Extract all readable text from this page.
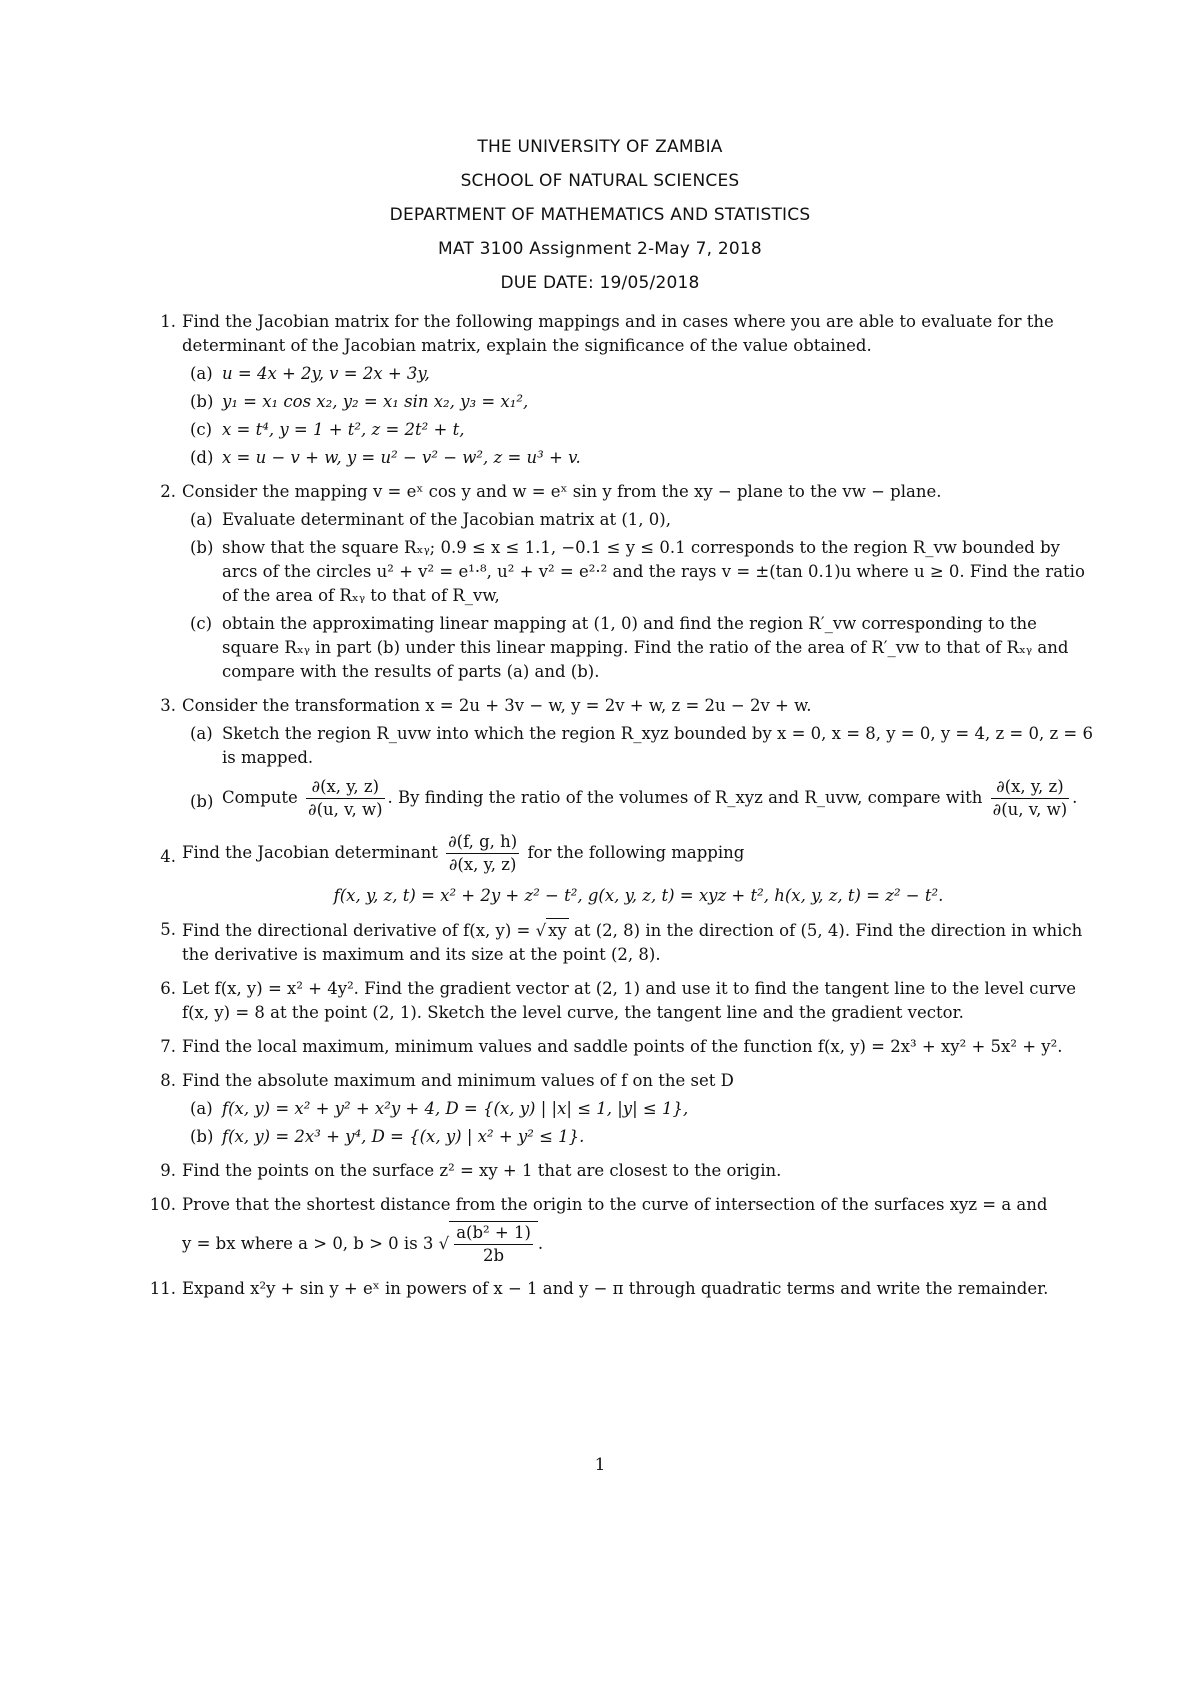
THE UNIVERSITY OF ZAMBIA
SCHOOL OF NATURAL SCIENCES
DEPARTMENT OF MATHEMATICS AND STATISTICS
MAT 3100 Assignment 2-May 7, 2018
DUE DATE: 19/05/2018
1. Find the Jacobian matrix for the following mappings and in cases where you are able to evaluate for the determinant of the Jacobian matrix, explain the significance of the value obtained.
(a) u = 4x + 2y, v = 2x + 3y,
(b) y₁ = x₁ cos x₂, y₂ = x₁ sin x₂, y₃ = x₁²,
(c) x = t⁴, y = 1 + t², z = 2t² + t,
(d) x = u − v + w, y = u² − v² − w², z = u³ + v.
2. Consider the mapping v = eˣ cos y and w = eˣ sin y from the xy − plane to the vw − plane.
(a) Evaluate determinant of the Jacobian matrix at (1, 0),
(b) show that the square Rₓᵧ; 0.9 ≤ x ≤ 1.1, −0.1 ≤ y ≤ 0.1 corresponds to the region R_vw bounded by arcs of the circles u² + v² = e¹·⁸, u² + v² = e²·² and the rays v = ±(tan 0.1)u where u ≥ 0. Find the ratio of the area of Rₓᵧ to that of R_vw,
(c) obtain the approximating linear mapping at (1, 0) and find the region R′_vw corresponding to the square Rₓᵧ in part (b) under this linear mapping. Find the ratio of the area of R′_vw to that of Rₓᵧ and compare with the results of parts (a) and (b).
3. Consider the transformation x = 2u + 3v − w, y = 2v + w, z = 2u − 2v + w.
(a) Sketch the region R_uvw into which the region R_xyz bounded by x = 0, x = 8, y = 0, y = 4, z = 0, z = 6 is mapped.
(b) Compute $\frac{\partial(x, y, z)}{\partial(u, v, w)}$ . By finding the ratio of the volumes of R_xyz and R_uvw, compare with $\frac{\partial(x, y, z)}{\partial(u, v, w)}$ .
4. Find the Jacobian determinant $\frac{\partial(f, g, h)}{\partial(x, y, z)}$ for the following mapping
f(x, y, z, t) = x² + 2y + z² − t², g(x, y, z, t) = xyz + t², h(x, y, z, t) = z² − t².
5. Find the directional derivative of f(x, y) = √ xy at (2, 8) in the direction of (5, 4). Find the direction in which the derivative is maximum and its size at the point (2, 8).
6. Let f(x, y) = x² + 4y². Find the gradient vector at (2, 1) and use it to find the tangent line to the level curve f(x, y) = 8 at the point (2, 1). Sketch the level curve, the tangent line and the gradient vector.
7. Find the local maximum, minimum values and saddle points of the function f(x, y) = 2x³ + xy² + 5x² + y².
8. Find the absolute maximum and minimum values of f on the set D
(a) f(x, y) = x² + y² + x²y + 4, D = {(x, y) | |x| ≤ 1, |y| ≤ 1},
(b) f(x, y) = 2x³ + y⁴, D = {(x, y) | x² + y² ≤ 1}.
9. Find the points on the surface z² = xy + 1 that are closest to the origin.
10. Prove that the shortest distance from the origin to the curve of intersection of the surfaces xyz = a and
y = bx where a > 0, b > 0 is 3 √ $\frac{\text{a(b² + 1)}}{2b}$ .
11. Expand x²y + sin y + eˣ in powers of x − 1 and y − π through quadratic terms and write the remainder.
1
